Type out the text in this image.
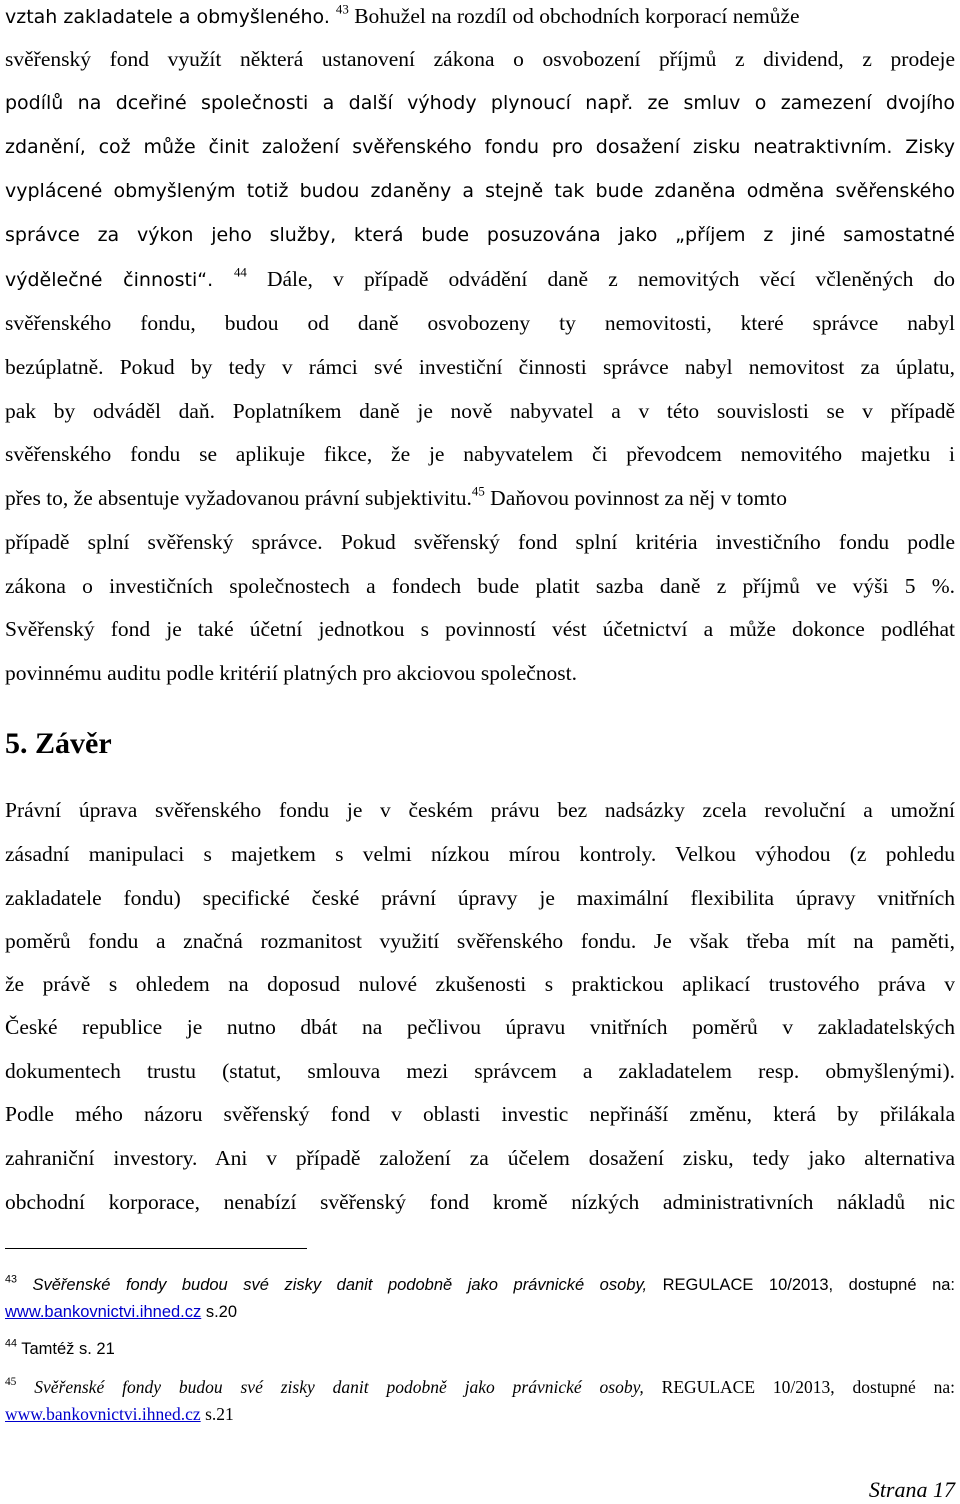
vztah zakladatele a obmyšleného. $^{43}$ Bohužel na rozdíl od obchodních korporací nemůže

svěřenský fond využít některá ustanovení zákona o osvobození příjmů z dividend, z prodeje

podílů na dceřiné společnosti a další výhody plynoucí např. ze smluv o zamezení dvojího

zdanění, což může činit založení svěřenského fondu pro dosažení zisku neatraktivním. Zisky

vyplácené obmyšleným totiž budou zdaněny a stejně tak bude zdaněna odměna svěřenského

správce za výkon jeho služby, která bude posuzována jako „příjem z jiné samostatné

výdělečné činnosti“. $^{44}$ Dále, v případě odvádění daně z nemovitých věcí včleněných do

svěřenského fondu, budou od daně osvobozeny ty nemovitosti, které správce nabyl

bezúplatně. Pokud by tedy v rámci své investiční činnosti správce nabyl nemovitost za úplatu,

pak by odváděl daň. Poplatníkem daně je nově nabyvatel a v této souvislosti se v případě

svěřenského fondu se aplikuje fikce, že je nabyvatelem či převodcem nemovitého majetku i

přes to, že absentuje vyžadovanou právní subjektivitu.$^{45}$ Daňovou povinnost za něj v tomto

případě splní svěřenský správce. Pokud svěřenský fond splní kritéria investičního fondu podle

zákona o investičních společnostech a fondech bude platit sazba daně z příjmů ve výši 5 %.

Svěřenský fond je také účetní jednotkou s povinností vést účetnictví a může dokonce podléhat

povinnému auditu podle kritérií platných pro akciovou společnost.

5. Závěr

Právní úprava svěřenského fondu je v českém právu bez nadsázky zcela revoluční a umožní

zásadní manipulaci s majetkem s velmi nízkou mírou kontroly. Velkou výhodou (z pohledu

zakladatele fondu) specifické české právní úpravy je maximální flexibilita úpravy vnitřních

poměrů fondu a značná rozmanitost využití svěřenského fondu. Je však třeba mít na paměti,

že právě s ohledem na doposud nulové zkušenosti s praktickou aplikací trustového práva v

České republice je nutno dbát na pečlivou úpravu vnitřních poměrů v zakladatelských

dokumentech trustu (statut, smlouva mezi správcem a zakladatelem resp. obmyšlenými).

Podle mého názoru svěřenský fond v oblasti investic nepřináší změnu, která by přilákala

zahraniční investory. Ani v případě založení za účelem dosažení zisku, tedy jako alternativa

obchodní korporace, nenabízí svěřenský fond kromě nízkých administrativních nákladů nic

$^{43}$ Svěřenské fondy budou své zisky danit podobně jako právnické osoby, REGULACE 10/2013, dostupné na:

www.bankovnictvi.ihned.cz s.20

$^{44}$ Tamtéž s. 21

$^{45}$ Svěřenské fondy budou své zisky danit podobně jako právnické osoby, REGULACE 10/2013, dostupné na:

www.bankovnictvi.ihned.cz s.21

Strana 17
